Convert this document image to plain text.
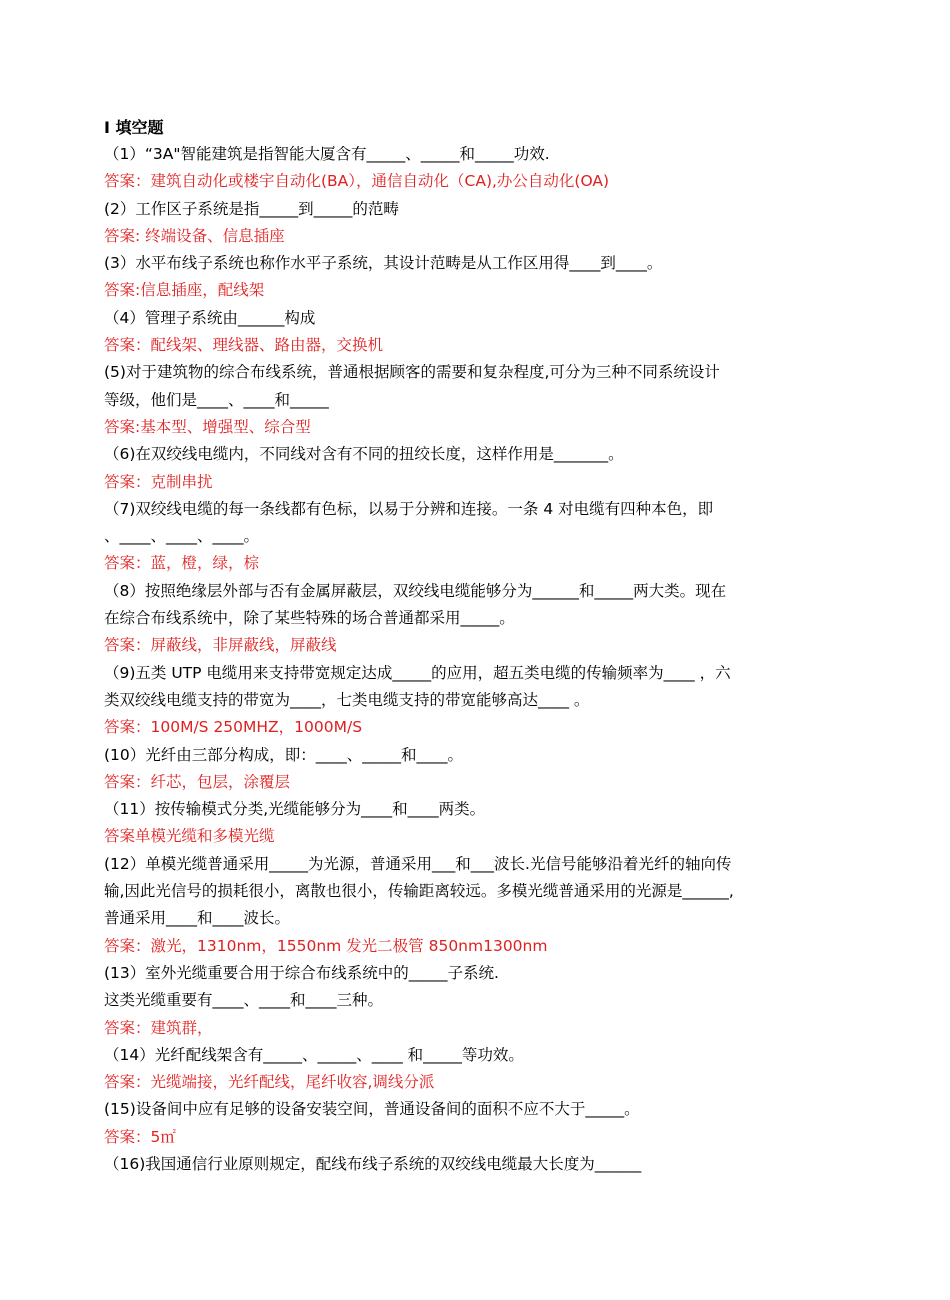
Ⅰ 填空题
（1）“3A"智能建筑是指智能大厦含有_____、_____和_____功效.
答案：建筑自动化或楼宇自动化(BA），通信自动化（CA),办公自动化(OA)
(2）工作区子系统是指_____到_____的范畴
答案: 终端设备、信息插座
(3）水平布线子系统也称作水平子系统，其设计范畴是从工作区用得____到____。
答案:信息插座，配线架
（4）管理子系统由______构成
答案：配线架、理线器、路由器，交换机
(5)对于建筑物的综合布线系统，普通根据顾客的需要和复杂程度,可分为三种不同系统设计
等级，他们是____、____和_____
答案:基本型、增强型、综合型
（6)在双绞线电缆内，不同线对含有不同的扭绞长度，这样作用是_______。
答案：克制串扰
（7)双绞线电缆的每一条线都有色标，以易于分辨和连接。一条 4 对电缆有四种本色，即
、____、____、____。
答案：蓝，橙，绿，棕
（8）按照绝缘层外部与否有金属屏蔽层，双绞线电缆能够分为______和_____两大类。现在
在综合布线系统中，除了某些特殊的场合普通都采用_____。
答案：屏蔽线，非屏蔽线，屏蔽线
（9)五类 UTP 电缆用来支持带宽规定达成_____的应用，超五类电缆的传输频率为____ ，六
类双绞线电缆支持的带宽为____，七类电缆支持的带宽能够高达____ 。
答案：100M/S 250MHZ，1000M/S
(10）光纤由三部分构成，即：____、_____和____。
答案：纤芯，包层，涂覆层
（11）按传输模式分类,光缆能够分为____和____两类。
答案单模光缆和多模光缆
(12）单模光缆普通采用_____为光源，普通采用___和___波长.光信号能够沿着光纤的轴向传
输,因此光信号的损耗很小，离散也很小，传输距离较远。多模光缆普通采用的光源是______,
普通采用____和____波长。
答案：激光，1310nm，1550nm 发光二极管 850nm1300nm
(13）室外光缆重要合用于综合布线系统中的_____子系统.
这类光缆重要有____、____和____三种。
答案：建筑群，
（14）光纤配线架含有_____、_____、____ 和_____等功效。
答案：光缆端接，光纤配线，尾纤收容,调线分派
(15)设备间中应有足够的设备安装空间，普通设备间的面积不应不大于_____。
答案：5㎡
（16)我国通信行业原则规定，配线布线子系统的双绞线电缆最大长度为______
